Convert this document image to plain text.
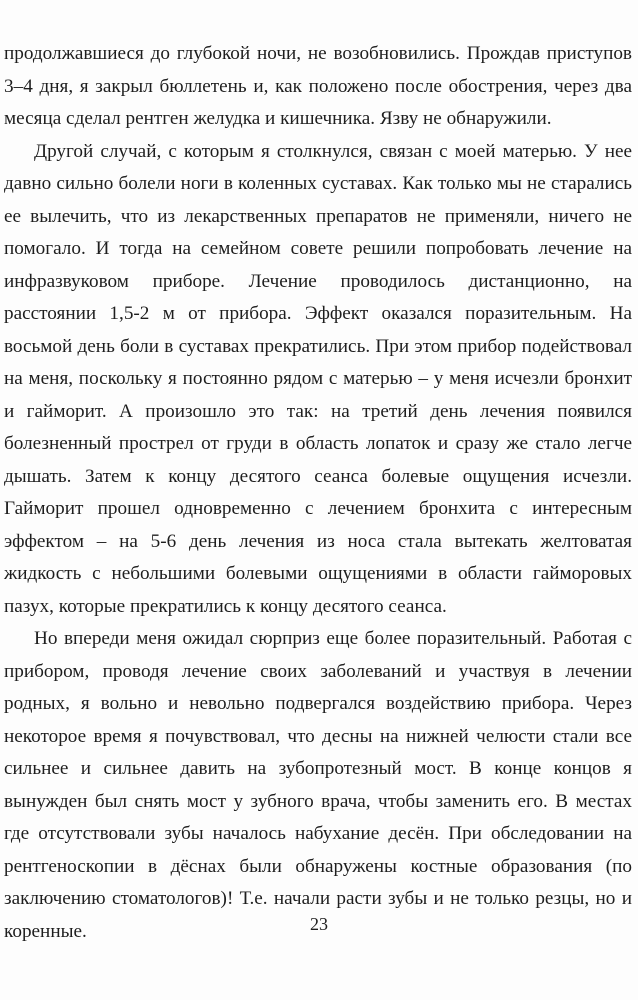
продолжавшиеся до глубокой ночи, не возобновились. Прождав приступов 3–4 дня, я закрыл бюллетень и, как положено после обострения, через два месяца сделал рентген желудка и кишечника. Язву не обнаружили.

Другой случай, с которым я столкнулся, связан с моей матерью. У нее давно сильно болели ноги в коленных суставах. Как только мы не старались ее вылечить, что из лекарственных препаратов не применяли, ничего не помогало. И тогда на семейном совете решили попробовать лечение на инфразвуковом приборе. Лечение проводилось дистанционно, на расстоянии 1,5-2 м от прибора. Эффект оказался поразительным. На восьмой день боли в суставах прекратились. При этом прибор подействовал на меня, поскольку я постоянно рядом с матерью – у меня исчезли бронхит и гайморит. А произошло это так: на третий день лечения появился болезненный прострел от груди в область лопаток и сразу же стало легче дышать. Затем к концу десятого сеанса болевые ощущения исчезли. Гайморит прошел одновременно с лечением бронхита с интересным эффектом – на 5-6 день лечения из носа стала вытекать желтоватая жидкость с небольшими болевыми ощущениями в области гайморовых пазух, которые прекратились к концу десятого сеанса.

Но впереди меня ожидал сюрприз еще более поразительный. Работая с прибором, проводя лечение своих заболеваний и участвуя в лечении родных, я вольно и невольно подвергался воздействию прибора. Через некоторое время я почувствовал, что десны на нижней челюсти стали все сильнее и сильнее давить на зубопротезный мост. В конце концов я вынужден был снять мост у зубного врача, чтобы заменить его. В местах где отсутствовали зубы началось набухание десён. При обследовании на рентгеноскопии в дёснах были обнаружены костные образования (по заключению стоматологов)! Т.е. начали расти зубы и не только резцы, но и коренные.	23
